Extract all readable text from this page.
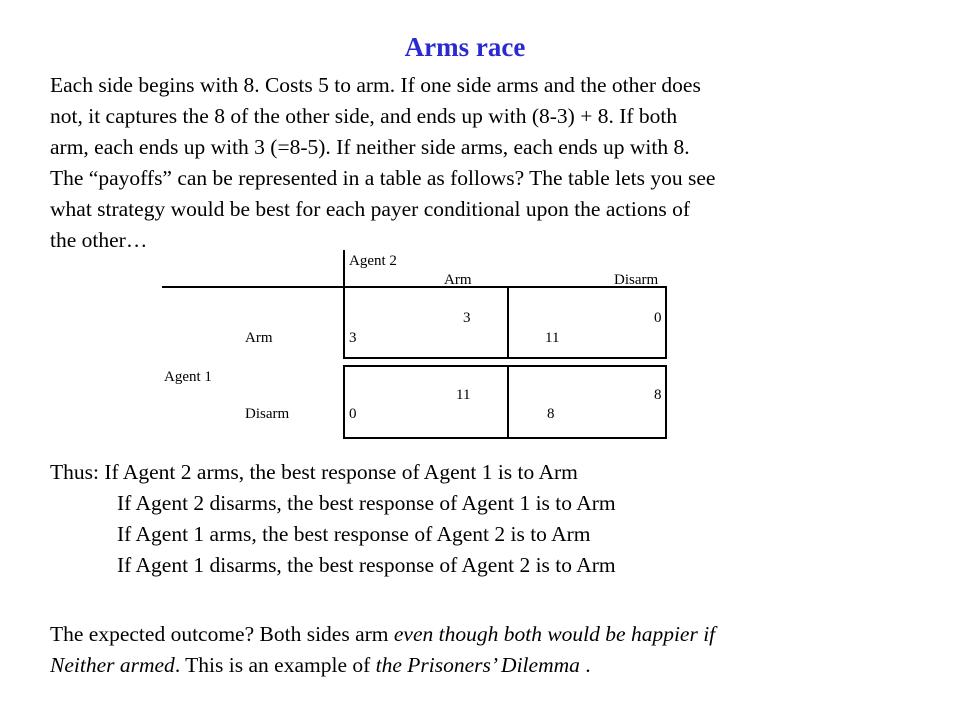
Arms race
Each side begins with 8. Costs 5 to arm. If one side arms and the other does
not, it captures the 8 of the other side, and ends up with (8-3) + 8. If both
arm, each ends up with 3 (=8-5). If neither side arms, each ends up with 8.
The “payoffs” can be represented in a table as follows? The table lets you see
what strategy would be best for each payer conditional upon the actions of
the other…
Agent 2
Arm	Disarm
Arm
Agent 1
Disarm
3
3
0
11
11
0
8
8
Thus: If Agent 2 arms, the best response of Agent 1 is to Arm
If Agent 2 disarms, the best response of Agent 1 is to Arm
If Agent 1 arms, the best response of Agent 2 is to Arm
If Agent 1 disarms, the best response of Agent 2 is to Arm
The expected outcome? Both sides arm even though both would be happier if
Neither armed. This is an example of the Prisoners’ Dilemma .
